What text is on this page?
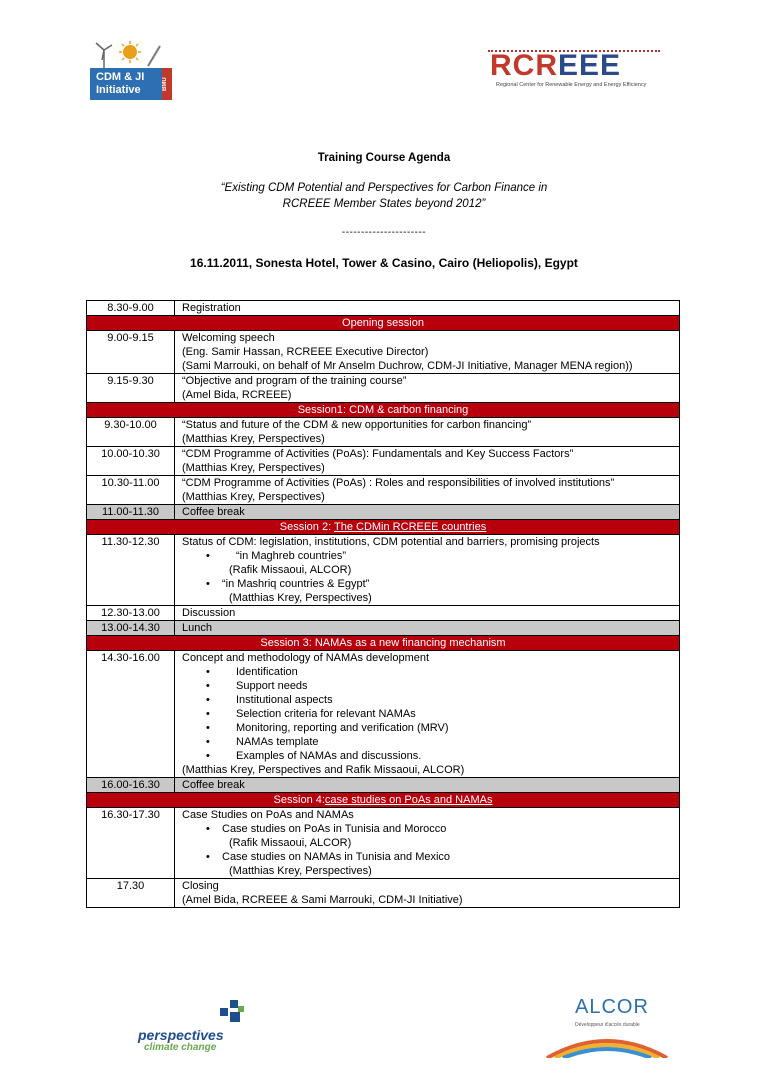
CDM & JI Initiative	BMU
RCREEE
Regional Center for Renewable Energy and Energy Efficiency
Training Course Agenda
“Existing CDM Potential and Perspectives for Carbon Finance in
RCREEE Member States beyond 2012”
----------------------
16.11.2011, Sonesta Hotel, Tower & Casino, Cairo (Heliopolis), Egypt
8.30-9.00	Registration
Opening session
9.00-9.15	Welcoming speech
(Eng. Samir Hassan, RCREEE Executive Director)
(Sami Marrouki, on behalf of Mr Anselm Duchrow, CDM-JI Initiative, Manager MENA region))
9.15-9.30	“Objective and program of the training course”
(Amel Bida, RCREEE)
Session1: CDM & carbon financing
9.30-10.00	“Status and future of the CDM & new opportunities for carbon financing”
(Matthias Krey, Perspectives)
10.00-10.30	“CDM Programme of Activities (PoAs): Fundamentals and Key Success Factors”
(Matthias Krey, Perspectives)
10.30-11.00	“CDM Programme of Activities (PoAs) : Roles and responsibilities of involved institutions”
(Matthias Krey, Perspectives)
11.00-11.30	Coffee break
Session 2: The CDMin RCREEE countries
11.30-12.30	Status of CDM: legislation, institutions, CDM potential and barriers, promising projects
• “in Maghreb countries”
(Rafik Missaoui, ALCOR)
• “in Mashriq countries & Egypt”
(Matthias Krey, Perspectives)
12.30-13.00	Discussion
13.00-14.30	Lunch
Session 3: NAMAs as a new financing mechanism
14.30-16.00	Concept and methodology of NAMAs development
• Identification
• Support needs
• Institutional aspects
• Selection criteria for relevant NAMAs
• Monitoring, reporting and verification (MRV)
• NAMAs template
• Examples of NAMAs and discussions.
(Matthias Krey, Perspectives and Rafik Missaoui, ALCOR)
16.00-16.30	Coffee break
Session 4:case studies on PoAs and NAMAs
16.30-17.30	Case Studies on PoAs and NAMAs
• Case studies on PoAs in Tunisia and Morocco
(Rafik Missaoui, ALCOR)
• Case studies on NAMAs in Tunisia and Mexico
(Matthias Krey, Perspectives)
17.30	Closing
(Amel Bida, RCREEE & Sami Marrouki, CDM-JI Initiative)
perspectives
climate change
ALCOR
Développeur d'accès durable
